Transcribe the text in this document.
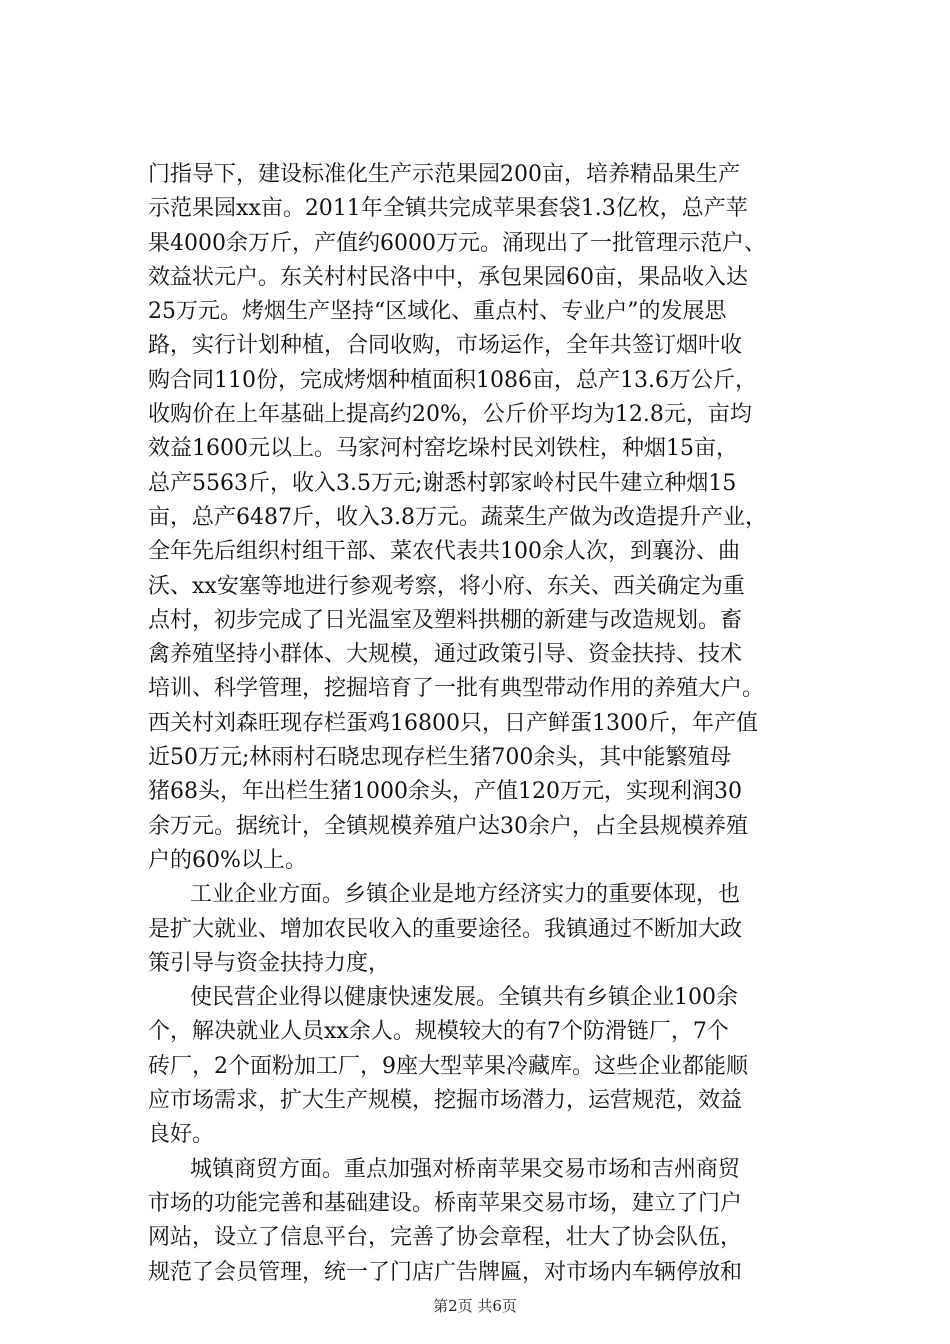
门指导下，建设标准化生产示范果园200亩，培养精品果生产
示范果园xx亩。2011年全镇共完成苹果套袋1.3亿枚，总产苹
果4000余万斤，产值约6000万元。涌现出了一批管理示范户、
效益状元户。东关村村民洛中中，承包果园60亩，果品收入达
25万元。烤烟生产坚持“区域化、重点村、专业户”的发展思
路，实行计划种植，合同收购，市场运作，全年共签订烟叶收
购合同110份，完成烤烟种植面积1086亩，总产13.6万公斤，
收购价在上年基础上提高约20%，公斤价平均为12.8元，亩均
效益1600元以上。马家河村窑圪垛村民刘铁柱，种烟15亩，
总产5563斤，收入3.5万元;谢悉村郭家岭村民牛建立种烟15
亩，总产6487斤，收入3.8万元。蔬菜生产做为改造提升产业，
全年先后组织村组干部、菜农代表共100余人次，到襄汾、曲
沃、xx安塞等地进行参观考察，将小府、东关、西关确定为重
点村，初步完成了日光温室及塑料拱棚的新建与改造规划。畜
禽养殖坚持小群体、大规模，通过政策引导、资金扶持、技术
培训、科学管理，挖掘培育了一批有典型带动作用的养殖大户。
西关村刘森旺现存栏蛋鸡16800只，日产鲜蛋1300斤，年产值
近50万元;林雨村石晓忠现存栏生猪700余头，其中能繁殖母
猪68头，年出栏生猪1000余头，产值120万元，实现利润30
余万元。据统计，全镇规模养殖户达30余户，占全县规模养殖
户的60%以上。
工业企业方面。乡镇企业是地方经济实力的重要体现，也
是扩大就业、增加农民收入的重要途径。我镇通过不断加大政
策引导与资金扶持力度，
使民营企业得以健康快速发展。全镇共有乡镇企业100余
个，解决就业人员xx余人。规模较大的有7个防滑链厂，7个
砖厂，2个面粉加工厂，9座大型苹果冷藏库。这些企业都能顺
应市场需求，扩大生产规模，挖掘市场潜力，运营规范，效益
良好。
城镇商贸方面。重点加强对桥南苹果交易市场和吉州商贸
市场的功能完善和基础建设。桥南苹果交易市场，建立了门户
网站，设立了信息平台，完善了协会章程，壮大了协会队伍，
规范了会员管理，统一了门店广告牌匾，对市场内车辆停放和
第2页 共6页
